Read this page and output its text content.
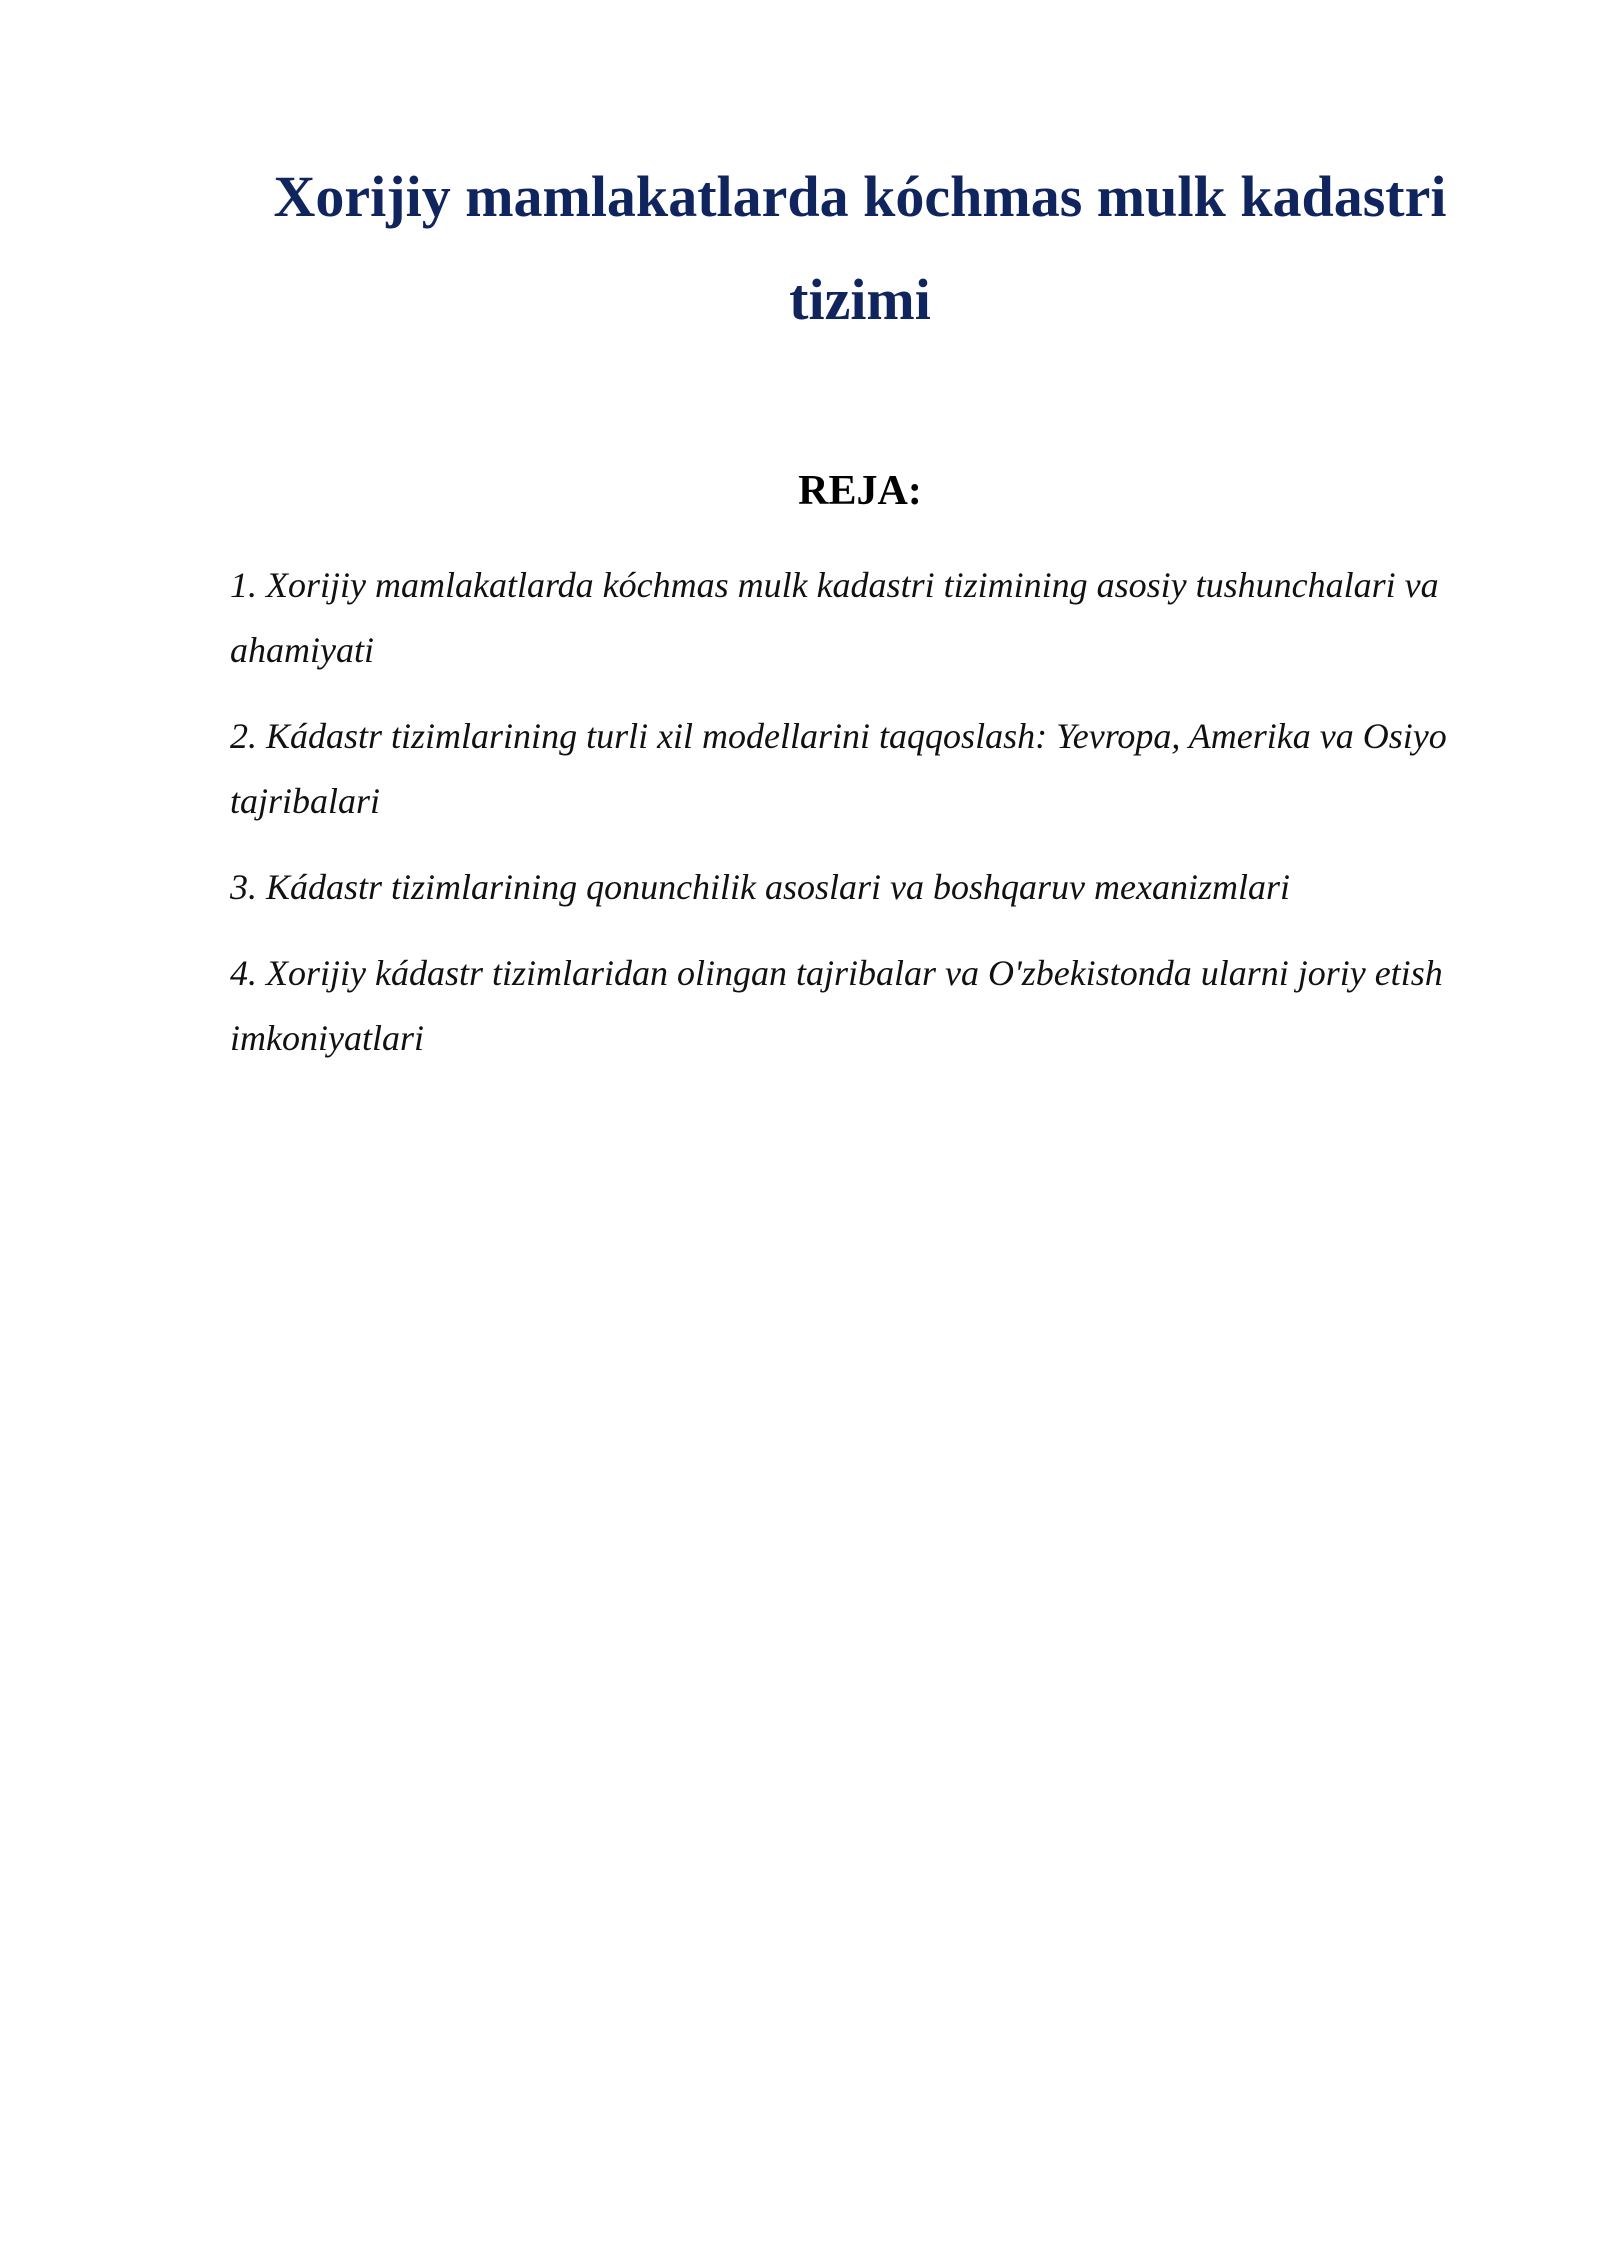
Xorijiy mamlakatlarda kóchmas mulk kadastri tizimi
REJA:
1. Xorijiy mamlakatlarda kóchmas mulk kadastri tizimining asosiy tushunchalari va ahamiyati
2. Kádastr tizimlarining turli xil modellarini taqqoslash: Yevropa, Amerika va Osiyo tajribalari
3. Kádastr tizimlarining qonunchilik asoslari va boshqaruv mexanizmlari
4. Xorijiy kádastr tizimlaridan olingan tajribalar va O'zbekistonda ularni joriy etish imkoniyatlari
